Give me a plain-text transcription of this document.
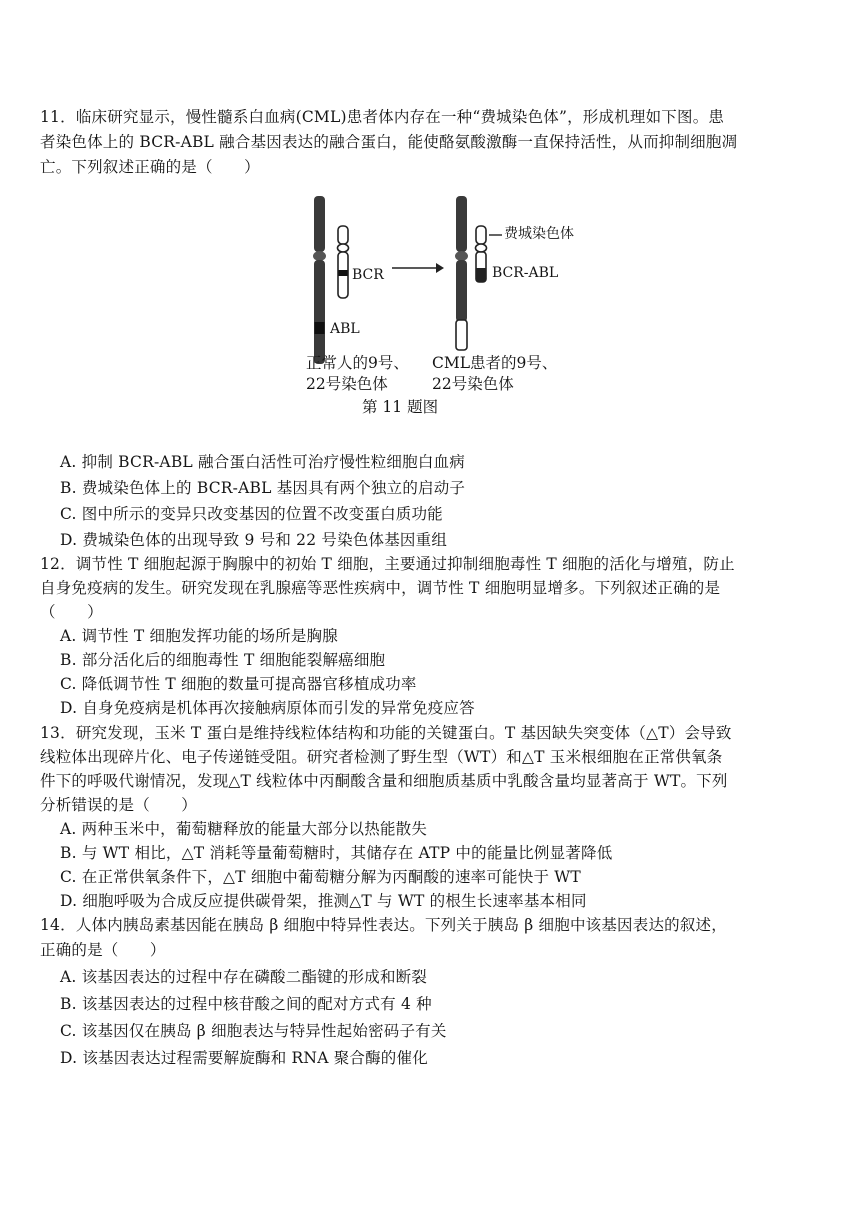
11．临床研究显示，慢性髓系白血病(CML)患者体内存在一种“费城染色体”，形成机理如下图。患
者染色体上的 BCR-ABL 融合基因表达的融合蛋白，能使酪氨酸激酶一直保持活性，从而抑制细胞凋
亡。下列叙述正确的是（　　）
BCR
ABL
费城染色体
BCR-ABL
正常人的9号、
22号染色体
CML患者的9号、
22号染色体
第 11 题图
A. 抑制 BCR-ABL 融合蛋白活性可治疗慢性粒细胞白血病
B. 费城染色体上的 BCR-ABL 基因具有两个独立的启动子
C. 图中所示的变异只改变基因的位置不改变蛋白质功能
D. 费城染色体的出现导致 9 号和 22 号染色体基因重组
12．调节性 T 细胞起源于胸腺中的初始 T 细胞，主要通过抑制细胞毒性 T 细胞的活化与增殖，防止
自身免疫病的发生。研究发现在乳腺癌等恶性疾病中，调节性 T 细胞明显增多。下列叙述正确的是
（　　）
A. 调节性 T 细胞发挥功能的场所是胸腺
B. 部分活化后的细胞毒性 T 细胞能裂解癌细胞
C. 降低调节性 T 细胞的数量可提高器官移植成功率
D. 自身免疫病是机体再次接触病原体而引发的异常免疫应答
13．研究发现，玉米 T 蛋白是维持线粒体结构和功能的关键蛋白。T 基因缺失突变体（△T）会导致
线粒体出现碎片化、电子传递链受阻。研究者检测了野生型（WT）和△T 玉米根细胞在正常供氧条
件下的呼吸代谢情况，发现△T 线粒体中丙酮酸含量和细胞质基质中乳酸含量均显著高于 WT。下列
分析错误的是（　　）
A. 两种玉米中，葡萄糖释放的能量大部分以热能散失
B. 与 WT 相比，△T 消耗等量葡萄糖时，其储存在 ATP 中的能量比例显著降低
C. 在正常供氧条件下，△T 细胞中葡萄糖分解为丙酮酸的速率可能快于 WT
D. 细胞呼吸为合成反应提供碳骨架，推测△T 与 WT 的根生长速率基本相同
14．人体内胰岛素基因能在胰岛 β 细胞中特异性表达。下列关于胰岛 β 细胞中该基因表达的叙述，
正确的是（　　）
A. 该基因表达的过程中存在磷酸二酯键的形成和断裂
B. 该基因表达的过程中核苷酸之间的配对方式有 4 种
C. 该基因仅在胰岛 β 细胞表达与特异性起始密码子有关
D. 该基因表达过程需要解旋酶和 RNA 聚合酶的催化
